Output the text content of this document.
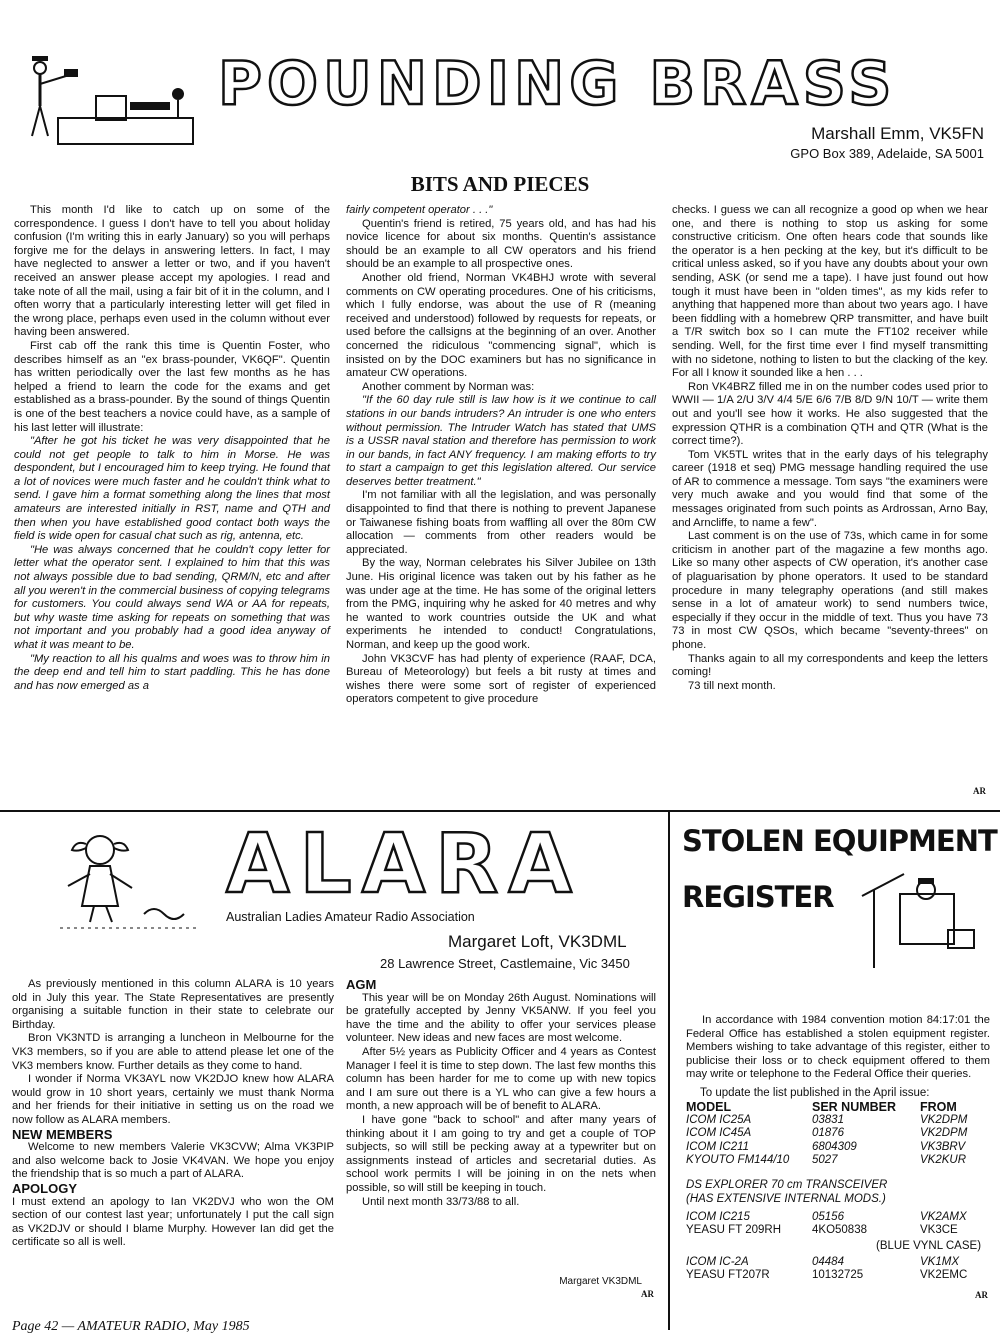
POUNDING BRASS
Marshall Emm, VK5FN
GPO Box 389, Adelaide, SA 5001
BITS AND PIECES

This month I'd like to catch up on some of the correspondence. I guess I don't have to tell you about holiday confusion (I'm writing this in early January) so you will perhaps forgive me for the delays in answering letters. In fact, I may have neglected to answer a letter or two, and if you haven't received an answer please accept my apologies. I read and take note of all the mail, using a fair bit of it in the column, and I often worry that a particularly interesting letter will get filed in the wrong place, perhaps even used in the column without ever having been answered.

First cab off the rank this time is Quentin Foster, who describes himself as an "ex brass-pounder, VK6QF". Quentin has written periodically over the last few months as he has helped a friend to learn the code for the exams and get established as a brass-pounder. By the sound of things Quentin is one of the best teachers a novice could have, as a sample of his last letter will illustrate:

"After he got his ticket he was very disappointed that he could not get people to talk to him in Morse. He was despondent, but I encouraged him to keep trying. He found that a lot of novices were much faster and he couldn't think what to send. I gave him a format something along the lines that most amateurs are interested initially in RST, name and QTH and then when you have established good contact both ways the field is wide open for casual chat such as rig, antenna, etc.

"He was always concerned that he couldn't copy letter for letter what the operator sent. I explained to him that this was not always possible due to bad sending, QRM/N, etc and after all you weren't in the commercial business of copying telegrams for customers. You could always send WA or AA for repeats, but why waste time asking for repeats on something that was not important and you probably had a good idea anyway of what it was meant to be.

"My reaction to all his qualms and woes was to throw him in the deep end and tell him to start paddling. This he has done and has now emerged as a

fairly competent operator . . ."

Quentin's friend is retired, 75 years old, and has had his novice licence for about six months. Quentin's assistance should be an example to all CW operators and his friend should be an example to all prospective ones.

Another old friend, Norman VK4BHJ wrote with several comments on CW operating procedures. One of his criticisms, which I fully endorse, was about the use of R (meaning received and understood) followed by requests for repeats, or used before the callsigns at the beginning of an over. Another concerned the ridiculous "commencing signal", which is insisted on by the DOC examiners but has no significance in amateur CW operations.

Another comment by Norman was:

"If the 60 day rule still is law how is it we continue to call stations in our bands intruders? An intruder is one who enters without permission. The Intruder Watch has stated that UMS is a USSR naval station and therefore has permission to work in our bands, in fact ANY frequency. I am making efforts to try to start a campaign to get this legislation altered. Our service deserves better treatment."

I'm not familiar with all the legislation, and was personally disappointed to find that there is nothing to prevent Japanese or Taiwanese fishing boats from waffling all over the 80m CW allocation — comments from other readers would be appreciated.

By the way, Norman celebrates his Silver Jubilee on 13th June. His original licence was taken out by his father as he was under age at the time. He has some of the original letters from the PMG, inquiring why he asked for 40 metres and why he wanted to work countries outside the UK and what experiments he intended to conduct! Congratulations, Norman, and keep up the good work.

John VK3CVF has had plenty of experience (RAAF, DCA, Bureau of Meteorology) but feels a bit rusty at times and wishes there were some sort of register of experienced operators competent to give procedure

checks. I guess we can all recognize a good op when we hear one, and there is nothing to stop us asking for some constructive criticism. One often hears code that sounds like the operator is a hen pecking at the key, but it's difficult to be critical unless asked, so if you have any doubts about your own sending, ASK (or send me a tape). I have just found out how tough it must have been in "olden times", as my kids refer to anything that happened more than about two years ago. I have been fiddling with a homebrew QRP transmitter, and have built a T/R switch box so I can mute the FT102 receiver while sending. Well, for the first time ever I find myself transmitting with no sidetone, nothing to listen to but the clacking of the key. For all I know it sounded like a hen . . .

Ron VK4BRZ filled me in on the number codes used prior to WWII — 1/A 2/U 3/V 4/4 5/E 6/6 7/B 8/D 9/N 10/T — write them out and you'll see how it works. He also suggested that the expression QTHR is a combination QTH and QTR (What is the correct time?).

Tom VK5TL writes that in the early days of his telegraphy career (1918 et seq) PMG message handling required the use of AR to commence a message. Tom says "the examiners were very much awake and you would find that some of the messages originated from such points as Ardrossan, Arno Bay, and Arncliffe, to name a few".

Last comment is on the use of 73s, which came in for some criticism in another part of the magazine a few months ago. Like so many other aspects of CW operation, it's another case of plaguarisation by phone operators. It used to be standard procedure in many telegraphy operations (and still makes sense in a lot of amateur work) to send numbers twice, especially if they occur in the middle of text. Thus you have 73 73 in most CW QSOs, which became "seventy-threes" on phone.

Thanks again to all my correspondents and keep the letters coming!

73 till next month.

AR
ALARA
Australian Ladies Amateur Radio Association
Margaret Loft, VK3DML
28 Lawrence Street, Castlemaine, Vic 3450

As previously mentioned in this column ALARA is 10 years old in July this year. The State Representatives are presently organising a suitable function in their state to celebrate our Birthday.

Bron VK3NTD is arranging a luncheon in Melbourne for the VK3 members, so if you are able to attend please let one of the VK3 members know. Further details as they come to hand.

I wonder if Norma VK3AYL now VK2DJO knew how ALARA would grow in 10 short years, certainly we must thank Norma and her friends for their initiative in setting us on the road we now follow as ALARA members.

NEW MEMBERS

Welcome to new members Valerie VK3CVW; Alma VK3PIP and also welcome back to Josie VK4VAN. We hope you enjoy the friendship that is so much a part of ALARA.

APOLOGY

I must extend an apology to Ian VK2DVJ who won the OM section of our contest last year; unfortunately I put the call sign as VK2DJV or should I blame Murphy. However Ian did get the certificate so all is well.

AGM

This year will be on Monday 26th August. Nominations will be gratefully accepted by Jenny VK5ANW. If you feel you have the time and the ability to offer your services please volunteer. New ideas and new faces are most welcome.

After 5½ years as Publicity Officer and 4 years as Contest Manager I feel it is time to step down. The last few months this column has been harder for me to come up with new topics and I am sure out there is a YL who can give a few hours a month, a new approach will be of benefit to ALARA.

I have gone "back to school" and after many years of thinking about it I am going to try and get a couple of TOP subjects, so will still be pecking away at a typewriter but on assignments instead of articles and secretarial duties. As school work permits I will be joining in on the nets when possible, so will still be keeping in touch.

Until next month 33/73/88 to all.

Margaret VK3DML
AR
STOLEN EQUIPMENT
REGISTER
In accordance with 1984 convention motion 84:17:01 the Federal Office has established a stolen equipment register. Members wishing to take advantage of this register, either to publicise their loss or to check equipment offered to them may write or telephone to the Federal Office their queries.
To update the list published in the April issue:
MODEL	SER NUMBER	FROM
ICOM IC25A	03831	VK2DPM
ICOM IC45A	01876	VK2DPM
ICOM IC211	6804309	VK3BRV
KYOUTO FM144/10	5027	VK2KUR
DS EXPLORER 70 cm TRANSCEIVER
(HAS EXTENSIVE INTERNAL MODS.)
ICOM IC215	05156	VK2AMX
YEASU FT 209RH	4KO50838	VK3CE
(BLUE VYNL CASE)
ICOM IC-2A	04484	VK1MX
YEASU FT207R	10132725	VK2EMC
AR
Page 42 — AMATEUR RADIO, May 1985
